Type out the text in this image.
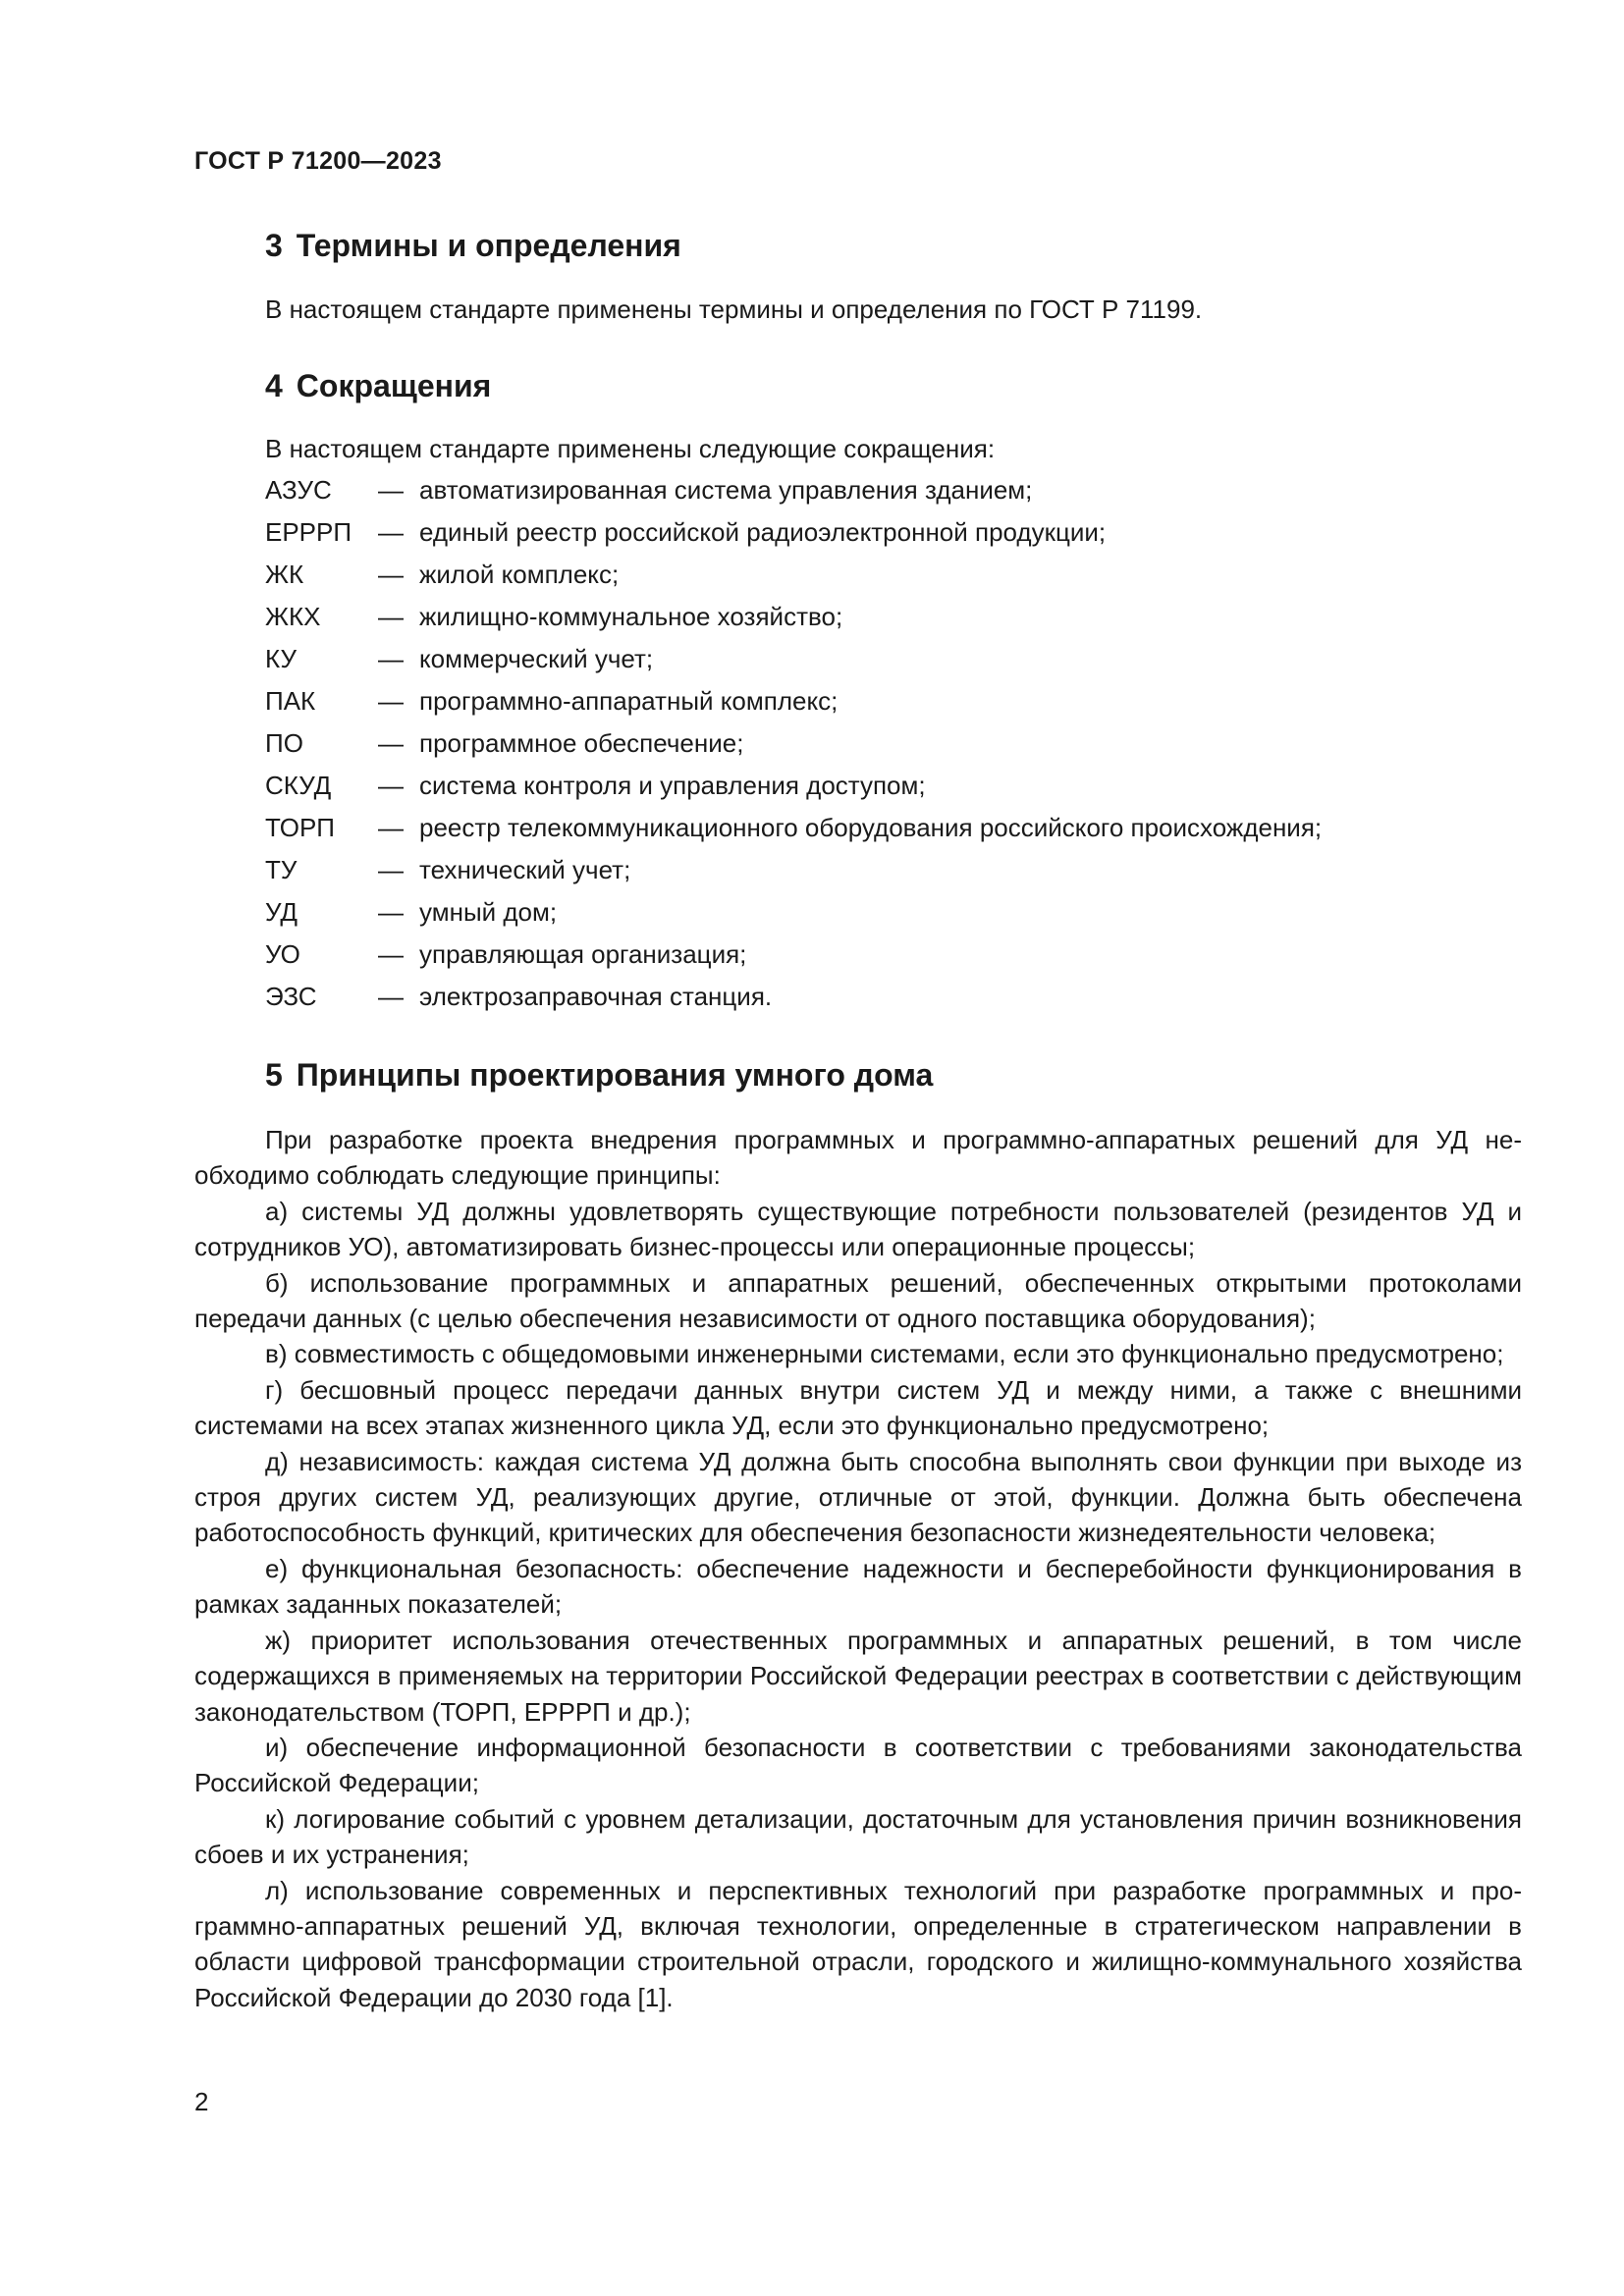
ГОСТ Р 71200—2023
3 Термины и определения

В настоящем стандарте применены термины и определения по ГОСТ Р 71199.

4 Сокращения

В настоящем стандарте применены следующие сокращения:

АЗУС — автоматизированная система управления зданием;
ЕРРРП — единый реестр российской радиоэлектронной продукции;
ЖК	— жилой комплекс;
ЖКХ — жилищно-коммунальное хозяйство;
КУ	— коммерческий учет;
ПАК — программно-аппаратный комплекс;
ПО	— программное обеспечение;
СКУД — система контроля и управления доступом;
ТОРП — реестр телекоммуникационного оборудования российского происхождения;
ТУ	— технический учет;
УД	— умный дом;
УО	— управляющая организация;
ЭЗС — электрозаправочная станция.
5 Принципы проектирования умного дома

При разработке проекта внедрения программных и программно-аппаратных решений для УД необходимо соблюдать следующие принципы:

а) системы УД должны удовлетворять существующие потребности пользователей (резидентов УД и сотрудников УО), автоматизировать бизнес-процессы или операционные процессы;

б) использование программных и аппаратных решений, обеспеченных открытыми протоколами передачи данных (с целью обеспечения независимости от одного поставщика оборудования);

в) совместимость с общедомовыми инженерными системами, если это функционально предусмотрено;

г) бесшовный процесс передачи данных внутри систем УД и между ними, а также с внешними системами на всех этапах жизненного цикла УД, если это функционально предусмотрено;

д) независимость: каждая система УД должна быть способна выполнять свои функции при выходе из строя других систем УД, реализующих другие, отличные от этой, функции. Должна быть обеспечена работоспособность функций, критических для обеспечения безопасности жизнедеятельности человека;

е) функциональная безопасность: обеспечение надежности и бесперебойности функционирования в рамках заданных показателей;

ж) приоритет использования отечественных программных и аппаратных решений, в том числе содержащихся в применяемых на территории Российской Федерации реестрах в соответствии с действующим законодательством (ТОРП, ЕРРРП и др.);

и) обеспечение информационной безопасности в соответствии с требованиями законодательства Российской Федерации;

к) логирование событий с уровнем детализации, достаточным для установления причин возникновения сбоев и их устранения;

л) использование современных и перспективных технологий при разработке программных и программно-аппаратных решений УД, включая технологии, определенные в стратегическом направлении в области цифровой трансформации строительной отрасли, городского и жилищно-коммунального хозяйства Российской Федерации до 2030 года [1].

2
